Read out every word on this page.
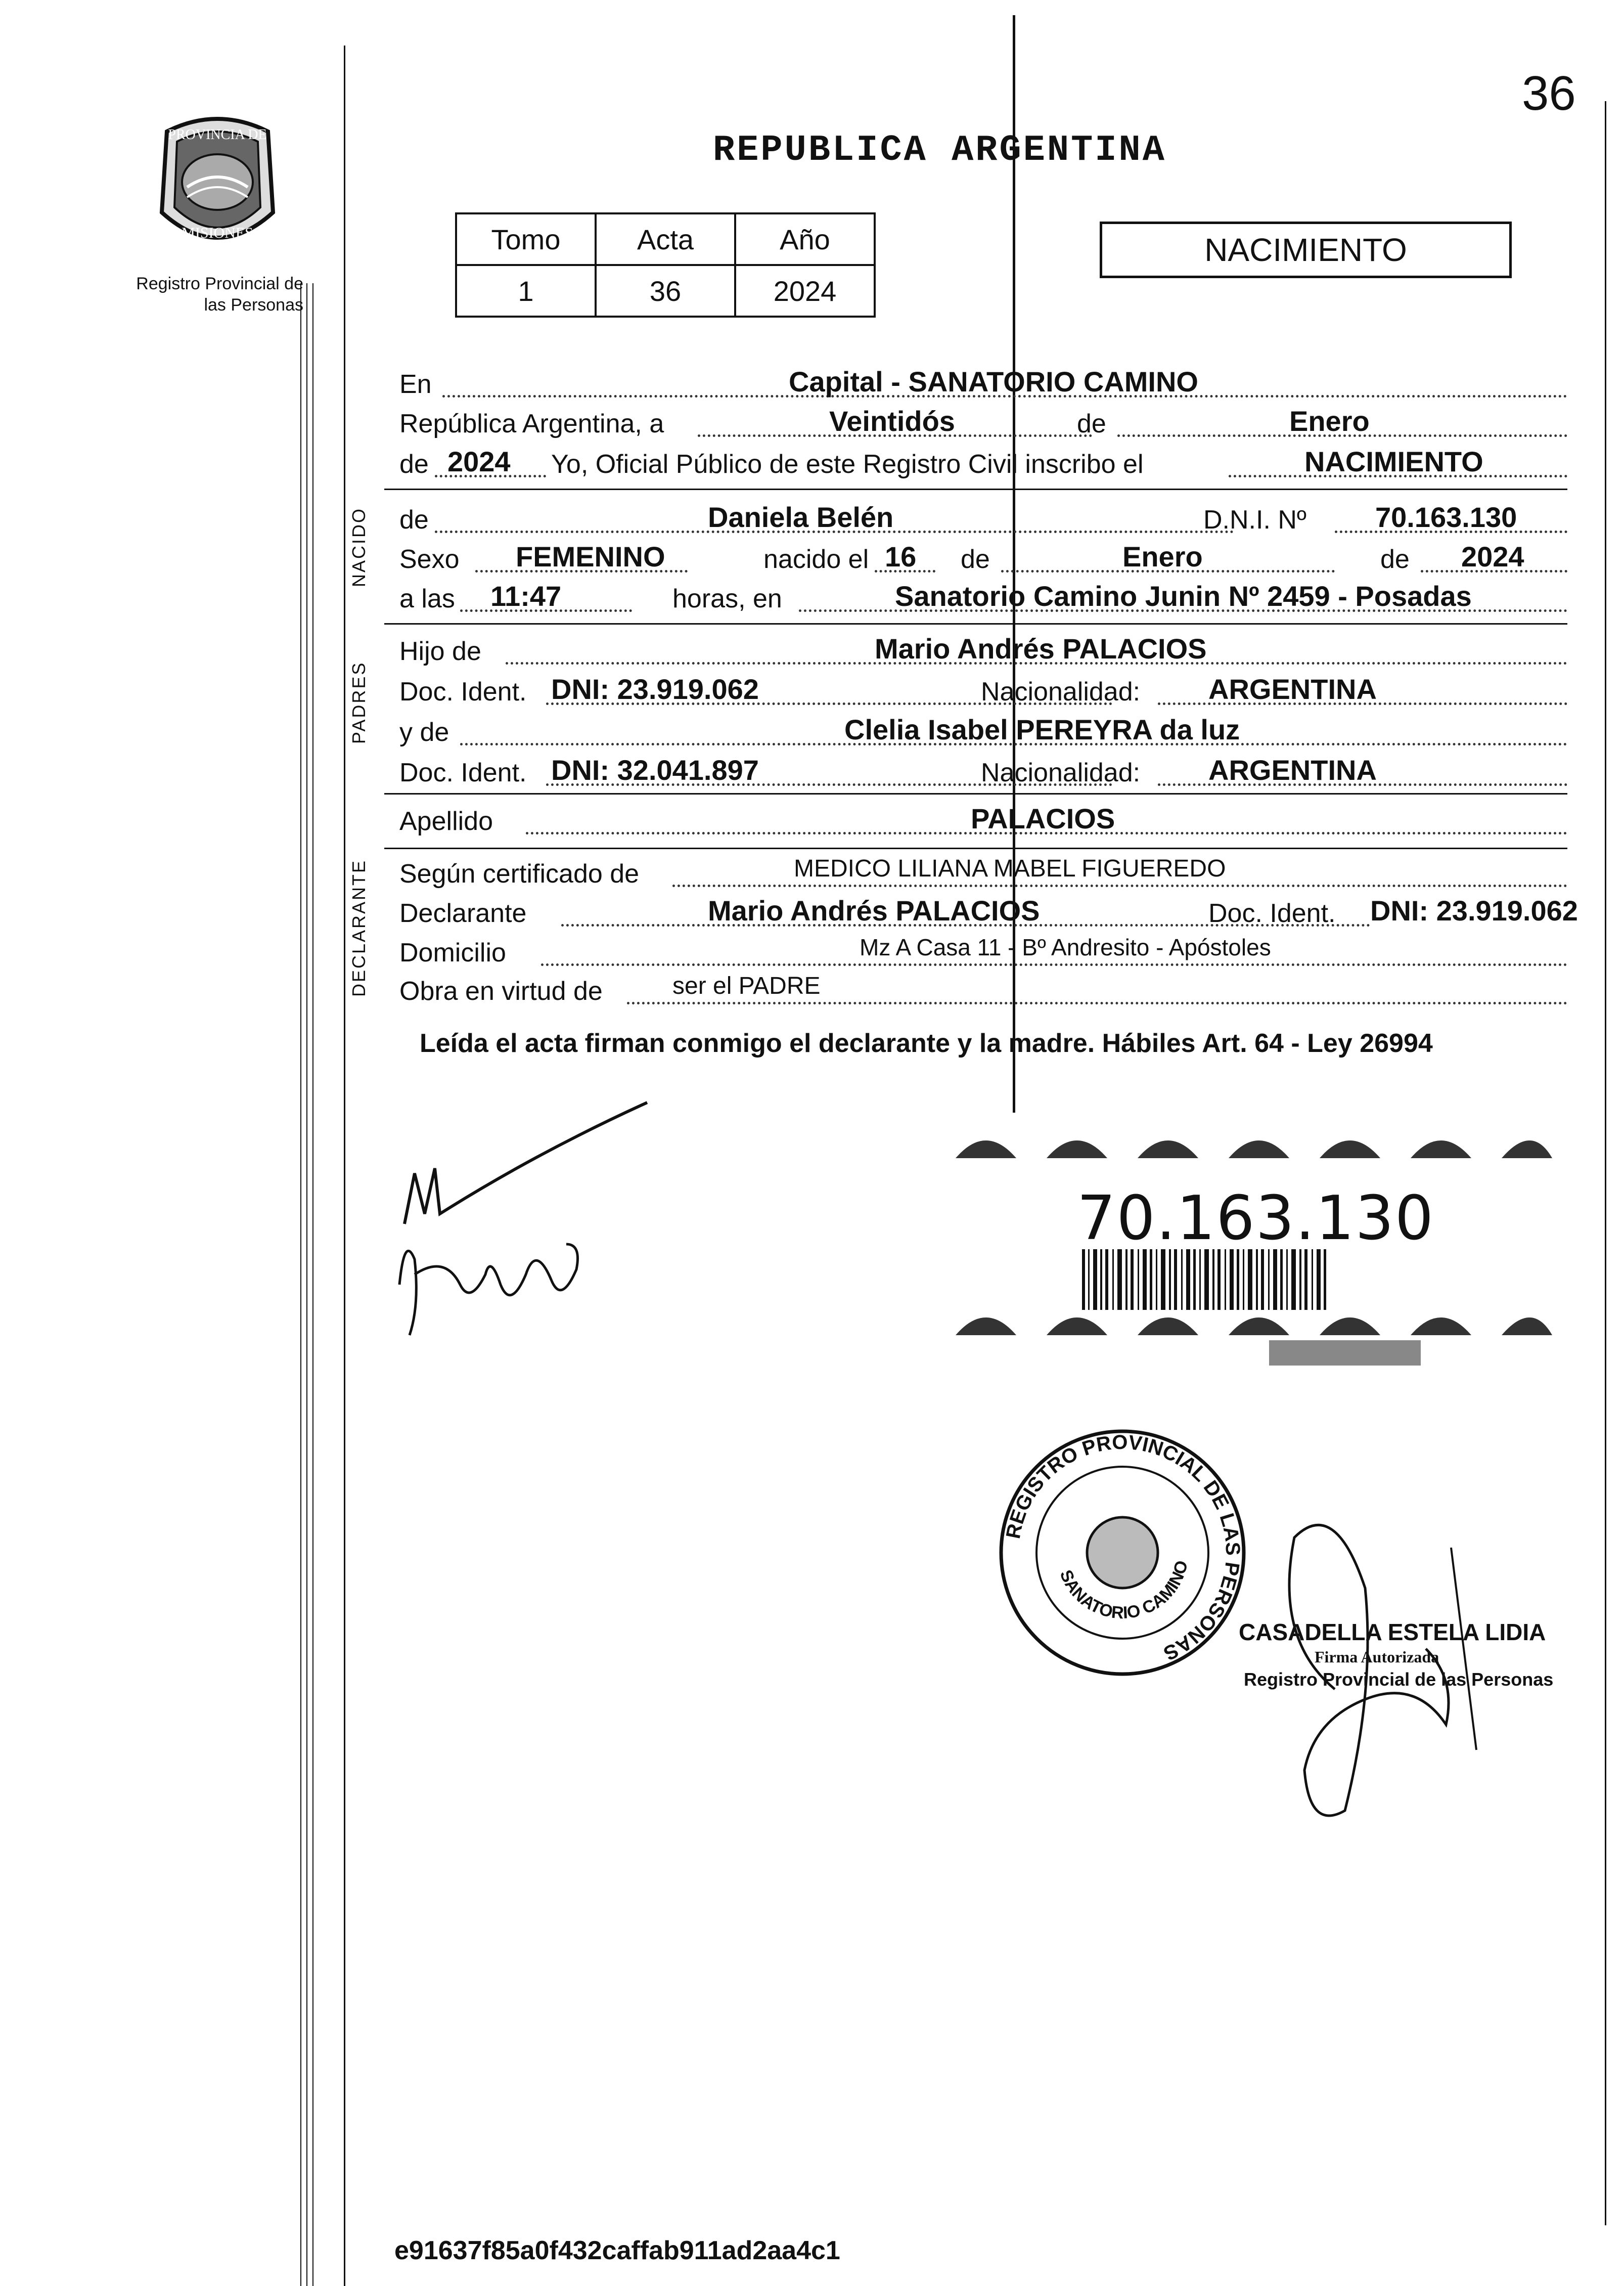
36
PROVINCIA DE
MISIONES
Registro Provincial de las Personas
REPUBLICA ARGENTINA
Tomo	Acta	Año
1	36	2024
NACIMIENTO
En	Capital - SANATORIO CAMINO
República Argentina, a	Veintidós	de	Enero
de 2024 Yo, Oficial Público de este Registro Civil inscribo el	NACIMIENTO
NACIDO de	Daniela Belén	D.N.I. Nº 70.163.130
Sexo FEMENINO	nacido el 16 de	Enero	de 2024
a las 11:47	horas, en	Sanatorio Camino Junin Nº 2459 - Posadas
PADRES
Hijo de	Mario Andrés PALACIOS
Doc. Ident. DNI: 23.919.062	Nacionalidad: ARGENTINA
y de	Clelia Isabel PEREYRA da luz
Doc. Ident. DNI: 32.041.897	Nacionalidad: ARGENTINA
Apellido	PALACIOS
DECLARANTE Según certificado de	MEDICO LILIANA MABEL FIGUEREDO
Declarante	Mario Andrés PALACIOS	Doc. Ident. DNI: 23.919.062
Domicilio	Mz A Casa 11 - Bº Andresito - Apóstoles
Obra en virtud de	ser el PADRE
Leída el acta firman conmigo el declarante y la madre. Hábiles Art. 64 - Ley 26994
70.163.130
REGISTRO PROVINCIAL DE LAS PERSONAS
SANATORIO CAMINO
CASADELLA ESTELA LIDIA
Firma Autorizada
Registro Provincial de las Personas
e91637f85a0f432caffab911ad2aa4c1
